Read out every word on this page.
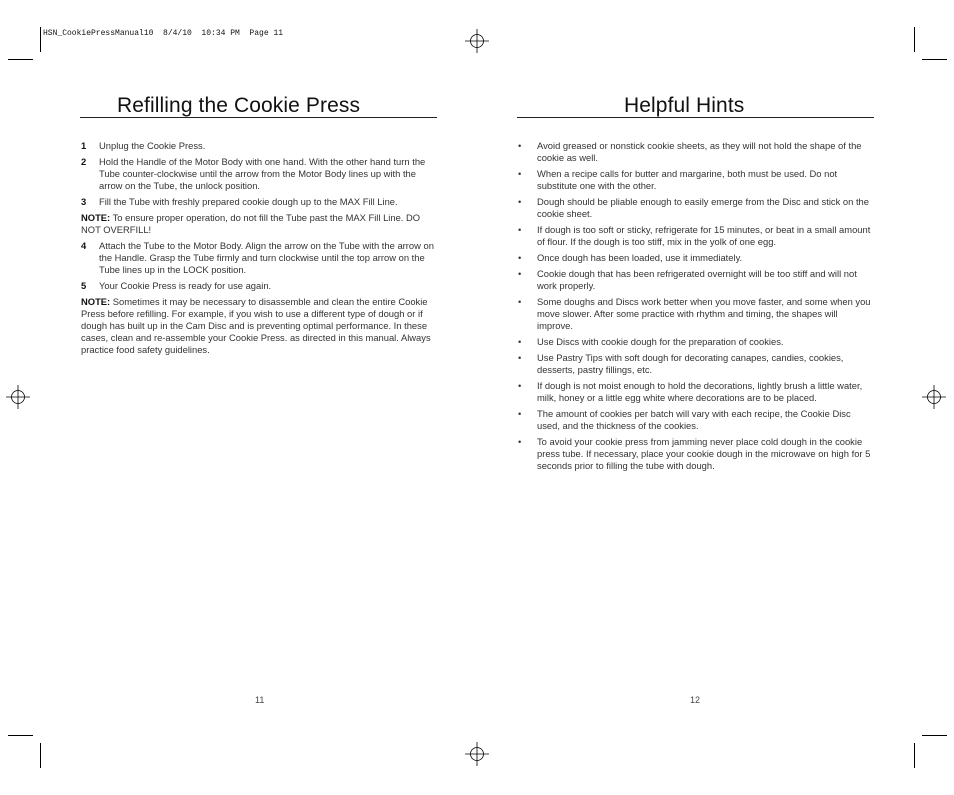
HSN_CookiePressManual10  8/4/10  10:34 PM  Page 11
Refilling the Cookie Press
1	Unplug the Cookie Press.
2	Hold the Handle of the Motor Body with one hand. With the other hand turn the Tube counter-clockwise until the arrow from the Motor Body lines up with the arrow on the Tube, the unlock position.
3	Fill the Tube with freshly prepared cookie dough up to the MAX Fill Line.
NOTE: To ensure proper operation, do not fill the Tube past the MAX Fill Line. DO NOT OVERFILL!
4	Attach the Tube to the Motor Body. Align the arrow on the Tube with the arrow on the Handle. Grasp the Tube firmly and turn clockwise until the top arrow on the Tube lines up in the LOCK position.
5	Your Cookie Press is ready for use again.
NOTE: Sometimes it may be necessary to disassemble and clean the entire Cookie Press before refilling. For example, if you wish to use a different type of dough or if dough has built up in the Cam Disc and is preventing optimal performance. In these cases, clean and re-assemble your Cookie Press. as directed in this manual. Always practice food safety guidelines.
11
Helpful Hints
•	Avoid greased or nonstick cookie sheets, as they will not hold the shape of the cookie as well.
•	When a recipe calls for butter and margarine, both must be used. Do not substitute one with the other.
•	Dough should be pliable enough to easily emerge from the Disc and stick on the cookie sheet.
•	If dough is too soft or sticky, refrigerate for 15 minutes, or beat in a small amount of flour. If the dough is too stiff, mix in the yolk of one egg.
•	Once dough has been loaded, use it immediately.
•	Cookie dough that has been refrigerated overnight will be too stiff and will not work properly.
•	Some doughs and Discs work better when you move faster, and some when you move slower. After some practice with rhythm and timing, the shapes will improve.
•	Use Discs with cookie dough for the preparation of cookies.
•	Use Pastry Tips with soft dough for decorating canapes, candies, cookies, desserts, pastry fillings, etc.
•	If dough is not moist enough to hold the decorations, lightly brush a little water, milk, honey or a little egg white where decorations are to be placed.
•	The amount of cookies per batch will vary with each recipe, the Cookie Disc used, and the thickness of the cookies.
•	To avoid your cookie press from jamming never place cold dough in the cookie press tube. If necessary, place your cookie dough in the microwave on high for 5 seconds prior to filling the tube with dough.
12
